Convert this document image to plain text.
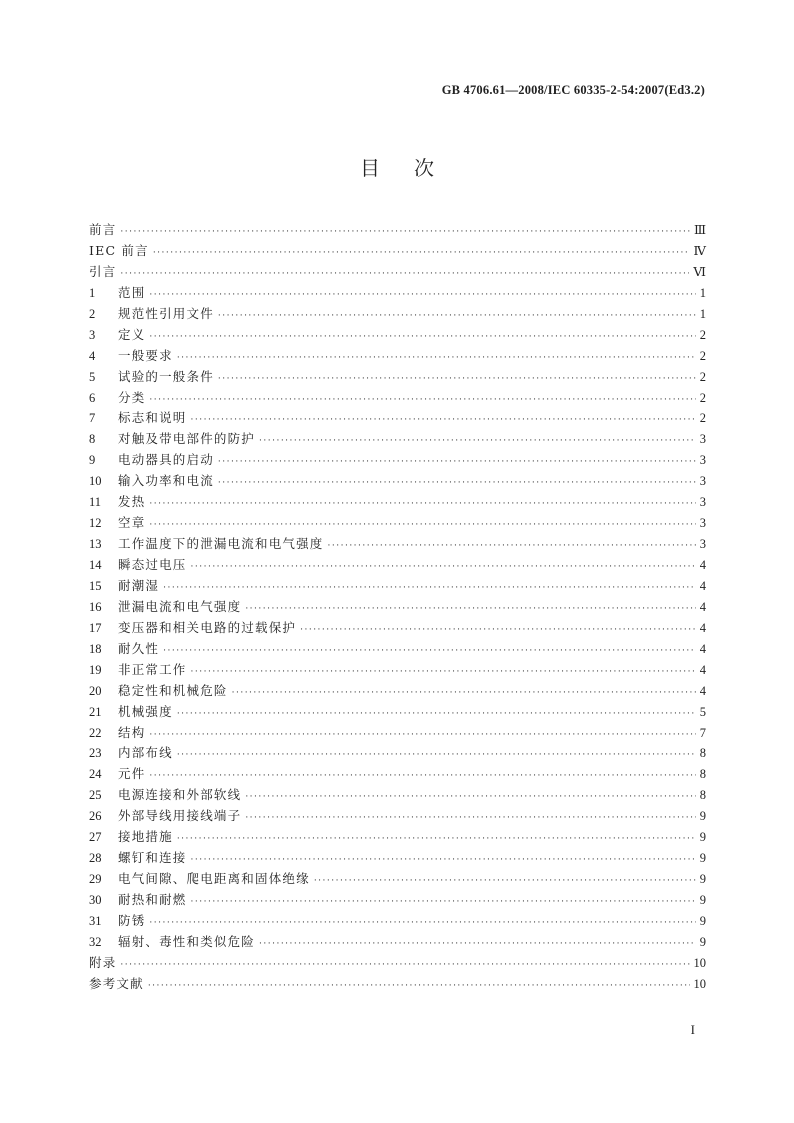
GB 4706.61—2008/IEC 60335-2-54:2007(Ed3.2)
目次
前言 ·····	Ⅲ
IEC 前言 ·····	Ⅳ
引言 ·····	Ⅵ
1	范围 ·····	1
2	规范性引用文件 ·····	1
3	定义 ·····	2
4	一般要求 ·····	2
5	试验的一般条件 ·····	2
6	分类 ·····	2
7	标志和说明 ·····	2
8	对触及带电部件的防护 ·····	3
9	电动器具的启动 ·····	3
10	输入功率和电流 ·····	3
11	发热 ·····	3
12	空章 ·····	3
13	工作温度下的泄漏电流和电气强度 ·····	3
14	瞬态过电压 ·····	4
15	耐潮湿 ·····	4
16	泄漏电流和电气强度 ·····	4
17	变压器和相关电路的过载保护 ·····	4
18	耐久性 ·····	4
19	非正常工作 ·····	4
20	稳定性和机械危险 ·····	4
21	机械强度 ·····	5
22	结构 ·····	7
23	内部布线 ·····	8
24	元件 ·····	8
25	电源连接和外部软线 ·····	8
26	外部导线用接线端子 ·····	9
27	接地措施 ·····	9
28	螺钉和连接 ·····	9
29	电气间隙、爬电距离和固体绝缘 ·····	9
30	耐热和耐燃 ·····	9
31	防锈 ·····	9
32	辐射、毒性和类似危险 ·····	9
附录 ·····	10
参考文献 ·····	10
I
